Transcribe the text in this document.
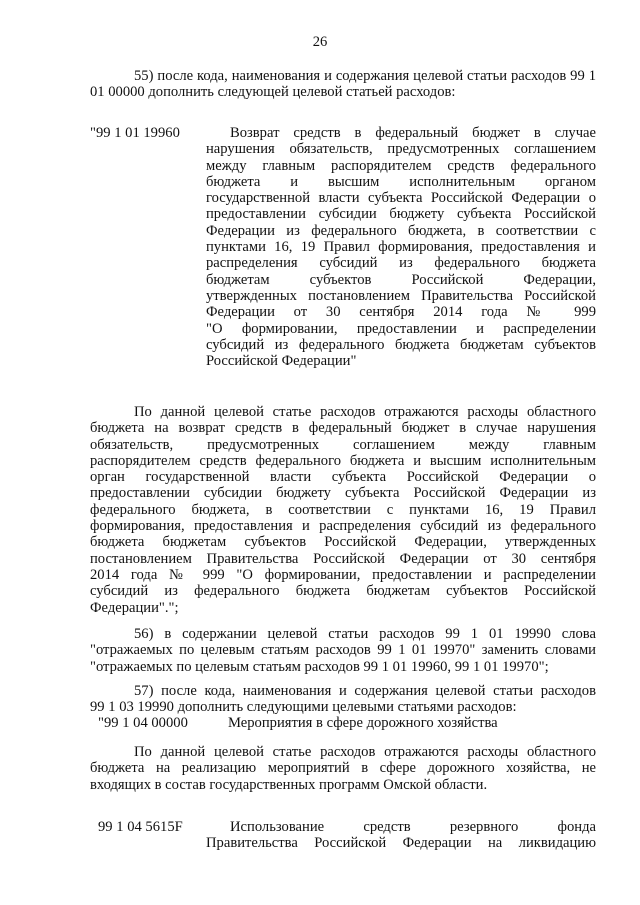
26
55) после кода, наименования и содержания целевой статьи расходов 99 1 01 00000 дополнить следующей целевой статьей расходов:
"99 1 01 19960	Возврат средств в федеральный бюджет в случае
нарушения обязательств, предусмотренных соглашением
между главным распорядителем средств федерального
бюджета и высшим исполнительным органом
государственной власти субъекта Российской Федерации о
предоставлении субсидии бюджету субъекта Российской
Федерации из федерального бюджета, в соответствии с
пунктами 16, 19 Правил формирования, предоставления и
распределения субсидий из федерального бюджета
бюджетам субъектов Российской Федерации,
утвержденных постановлением Правительства Российской
Федерации от 30 сентября 2014 года № 999
"О формировании, предоставлении и распределении
субсидий из федерального бюджета бюджетам субъектов
Российской Федерации"
По данной целевой статье расходов отражаются расходы областного
бюджета на возврат средств в федеральный бюджет в случае нарушения
обязательств, предусмотренных соглашением между главным
распорядителем средств федерального бюджета и высшим исполнительным
орган государственной власти субъекта Российской Федерации о
предоставлении субсидии бюджету субъекта Российской Федерации из
федерального бюджета, в соответствии с пунктами 16, 19 Правил
формирования, предоставления и распределения субсидий из федерального
бюджета бюджетам субъектов Российской Федерации, утвержденных
постановлением Правительства Российской Федерации от 30 сентября
2014 года № 999 "О формировании, предоставлении и распределении
субсидий из федерального бюджета бюджетам субъектов Российской
Федерации".";
56) в содержании целевой статьи расходов 99 1 01 19990 слова
"отражаемых по целевым статьям расходов 99 1 01 19970" заменить словами
"отражаемых по целевым статьям расходов 99 1 01 19960, 99 1 01 19970";
57) после кода, наименования и содержания целевой статьи расходов
99 1 03 19990 дополнить следующими целевыми статьями расходов:
"99 1 04 00000	Мероприятия в сфере дорожного хозяйства
По данной целевой статье расходов отражаются расходы областного
бюджета на реализацию мероприятий в сфере дорожного хозяйства, не
входящих в состав государственных программ Омской области.
99 1 04 5615F	Использование средств резервного фонда
Правительства Российской Федерации на ликвидацию
